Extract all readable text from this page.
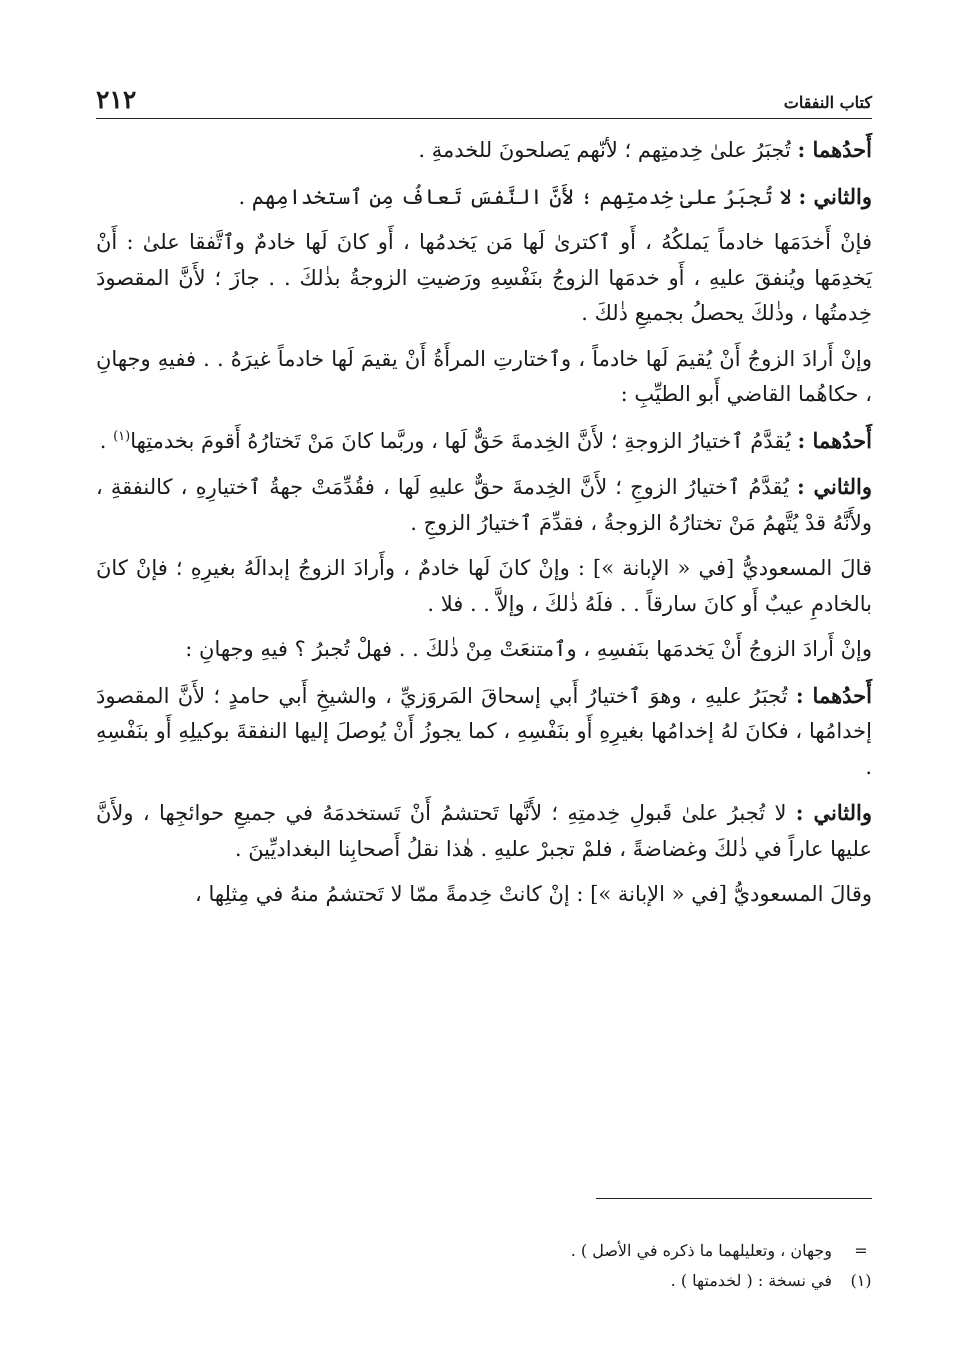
كتاب النفقات
٢١٢

أَحدُهما : تُجبَرُ علىٰ خِدمتِهم ؛ لأنّهم يَصلحونَ للخدمةِ .

والثاني : لا تُجبَرُ علىٰ خِدمتِهم ؛ لأَنَّ النَّفسَ تَعافُ مِن ٱستخدامِهم .

فإنْ أَخدَمَها خادماً يَملكُهُ ، أَو ٱكترىٰ لَها مَن يَخدمُها ، أَو كانَ لَها خادمٌ وٱتَّفقا علىٰ : أَنْ يَخدِمَها ويُنفقَ عليهِ ، أَو خدمَها الزوجُ بنَفْسِهِ ورَضيتِ الزوجةُ بذٰلكَ . . جازَ ؛ لأَنَّ المقصودَ خِدمتُها ، وذٰلكَ يحصلُ بجميعِ ذٰلكَ .

وإنْ أَرادَ الزوجُ أَنْ يُقيمَ لَها خادماً ، وٱختارتِ المرأَةُ أَنْ يقيمَ لَها خادماً غيرَهُ . . ففيهِ وجهانِ ، حكاهُما القاضي أَبو الطيِّبِ :

أَحدُهما : يُقدَّمُ ٱختيارُ الزوجةِ ؛ لأَنَّ الخِدمةَ حَقٌّ لَها ، وربَّما كانَ مَنْ تَختارُهُ أَقومَ بخدمتِها$^{(١)}$ .

والثاني : يُقدَّمُ ٱختيارُ الزوجِ ؛ لأَنَّ الخِدمةَ حقٌّ عليهِ لَها ، فقُدِّمَتْ جهةُ ٱختيارِهِ ، كالنفقةِ ، ولأَنَّهُ قدْ يُتَّهمُ مَنْ تختارُهُ الزوجةُ ، فقدِّمَ ٱختيارُ الزوجِ .

قالَ المسعوديُّ [في « الإبانة »] : وإنْ كانَ لَها خادمٌ ، وأَرادَ الزوجُ إبدالَهُ بغيرِهِ ؛ فإنْ كانَ بالخادمِ عيبٌ أَو كانَ سارقاً . . فلَهُ ذٰلكَ ، وإلاَّ . . فلا .

وإنْ أَرادَ الزوجُ أَنْ يَخدمَها بنَفسِهِ ، وٱمتنعَتْ مِنْ ذٰلكَ . . فهلْ تُجبرُ ؟ فيهِ وجهانِ :

أَحدُهما : تُجبَرُ عليهِ ، وهوَ ٱختيارُ أَبي إسحاقَ المَروَزيِّ ، والشيخِ أَبي حامدٍ ؛ لأَنَّ المقصودَ إخدامُها ، فكانَ لهُ إخدامُها بغيرِهِ أَو بنَفْسِهِ ، كما يجوزُ أَنْ يُوصلَ إليها النفقةَ بوكيلِهِ أَو بنَفْسِهِ .

والثاني : لا تُجبرُ علىٰ قَبولِ خِدمتِهِ ؛ لأَنَّها تَحتشمُ أَنْ تَستخدمَهُ في جميعِ حوائجِها ، ولأَنَّ عليها عاراً في ذٰلكَ وغضاضةً ، فلمْ تجبرْ عليهِ . هٰذا نقلُ أَصحابِنا البغداديِّينَ .

وقالَ المسعوديُّ [في « الإبانة »] : إنْ كانتْ خِدمةً ممّا لا تَحتشمُ منهُ في مِثلِها ،

=
وجهان ، وتعليلهما ما ذكره في الأصل ) .
(١)
في نسخة : ( لخدمتها ) .
